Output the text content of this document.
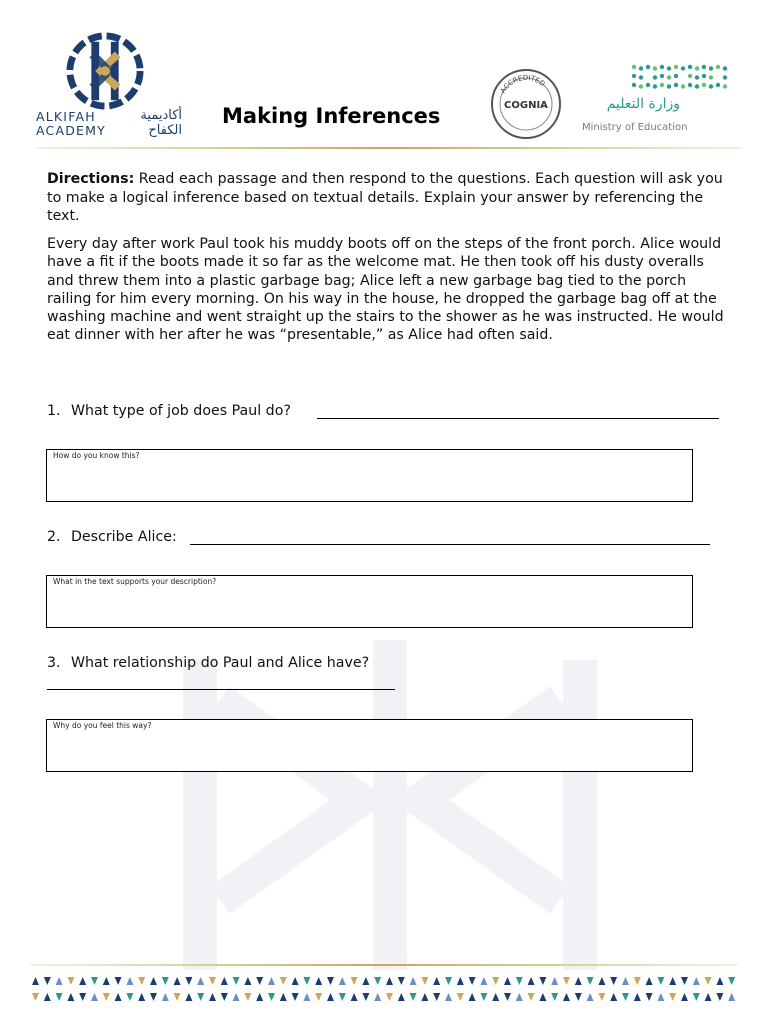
ALKIFAH
ACADEMY
أكاديمية
الكفاح
Making Inferences
ACCREDITED
COGNIA	وزارة التعليم
Ministry of Education
Directions: Read each passage and then respond to the questions. Each question will ask you to make a logical inference based on textual details. Explain your answer by referencing the text.
Every day after work Paul took his muddy boots off on the steps of the front porch. Alice would have a fit if the boots made it so far as the welcome mat. He then took off his dusty overalls and threw them into a plastic garbage bag; Alice left a new garbage bag tied to the porch railing for him every morning. On his way in the house, he dropped the garbage bag off at the washing machine and went straight up the stairs to the shower as he was instructed. He would eat dinner with her after he was “presentable,” as Alice had often said.
1. What type of job does Paul do?
How do you know this?
2. Describe Alice:
What in the text supports your description?
3. What relationship do Paul and Alice have?
Why do you feel this way?
